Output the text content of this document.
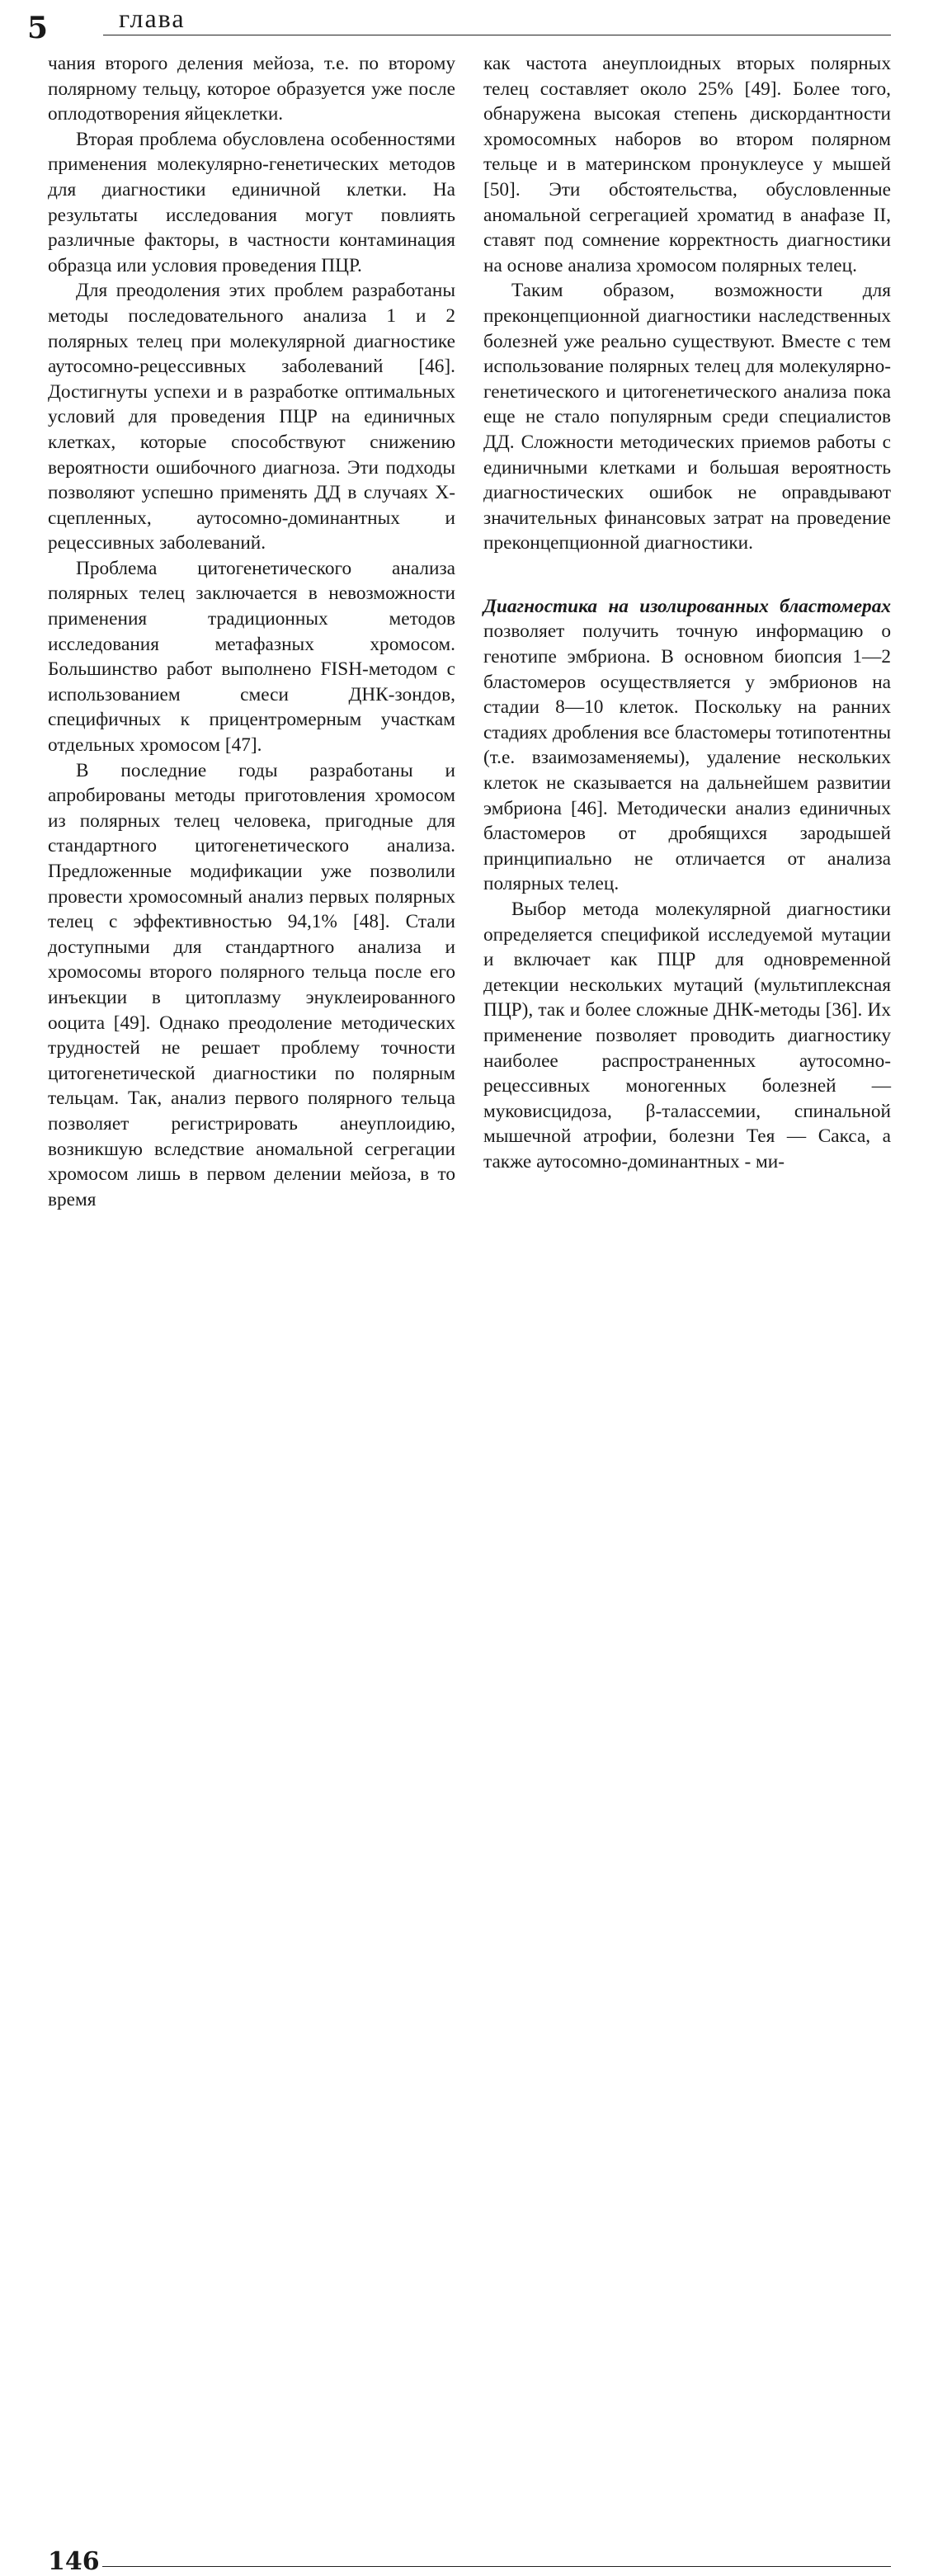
5	глава

чания второго деления мейоза, т.е. по второму полярному тельцу, которое образуется уже после оплодотворения яйцеклетки.

Вторая проблема обусловлена особенностями применения молекулярно-генетических методов для диагностики единичной клетки. На результаты исследования могут повлиять различные факторы, в частности контаминация образца или условия проведения ПЦР.

Для преодоления этих проблем разработаны методы последовательного анализа 1 и 2 полярных телец при молекулярной диагностике аутосомно-рецессивных заболеваний [46]. Достигнуты успехи и в разработке оптимальных условий для проведения ПЦР на единичных клетках, которые способствуют снижению вероятности ошибочного диагноза. Эти подходы позволяют успешно применять ДД в случаях Х-сцепленных, аутосомно-доминантных и рецессивных заболеваний.

Проблема цитогенетического анализа полярных телец заключается в невозможности применения традиционных методов исследования метафазных хромосом. Большинство работ выполнено FISH-методом с использованием смеси ДНК-зондов, специфичных к прицентромерным участкам отдельных хромосом [47].

В последние годы разработаны и апробированы методы приготовления хромосом из полярных телец человека, пригодные для стандартного цитогенетического анализа. Предложенные модификации уже позволили провести хромосомный анализ первых полярных телец с эффективностью 94,1% [48]. Стали доступными для стандартного анализа и хромосомы второго полярного тельца после его инъекции в цитоплазму энуклеированного ооцита [49]. Однако преодоление методических трудностей не решает проблему точности цитогенетической диагностики по полярным тельцам. Так, анализ первого полярного тельца позволяет регистрировать анеуплоидию, возникшую вследствие аномальной сегрегации хромосом лишь в первом делении мейоза, в то время

как частота анеуплоидных вторых полярных телец составляет около 25% [49]. Более того, обнаружена высокая степень дискордантности хромосомных наборов во втором полярном тельце и в материнском пронуклеусе у мышей [50]. Эти обстоятельства, обусловленные аномальной сегрегацией хроматид в анафазе II, ставят под сомнение корректность диагностики на основе анализа хромосом полярных телец.

Таким образом, возможности для преконцепционной диагностики наследственных болезней уже реально существуют. Вместе с тем использование полярных телец для молекулярно-генетического и цитогенетического анализа пока еще не стало популярным среди специалистов ДД. Сложности методических приемов работы с единичными клетками и большая вероятность диагностических ошибок не оправдывают значительных финансовых затрат на проведение преконцепционной диагностики.

Диагностика на изолированных бластомерах позволяет получить точную информацию о генотипе эмбриона. В основном биопсия 1—2 бластомеров осуществляется у эмбрионов на стадии 8—10 клеток. Поскольку на ранних стадиях дробления все бластомеры тотипотентны (т.е. взаимозаменяемы), удаление нескольких клеток не сказывается на дальнейшем развитии эмбриона [46]. Методически анализ единичных бластомеров от дробящихся зародышей принципиально не отличается от анализа полярных телец.

Выбор метода молекулярной диагностики определяется спецификой исследуемой мутации и включает как ПЦР для одновременной детекции нескольких мутаций (мультиплексная ПЦР), так и более сложные ДНК-методы [36]. Их применение позволяет проводить диагностику наиболее распространенных аутосомно-рецессивных моногенных болезней — муковисцидоза, β-талассемии, спинальной мышечной атрофии, болезни Тея — Сакса, а также аутосомно-доминантных - ми-

146
